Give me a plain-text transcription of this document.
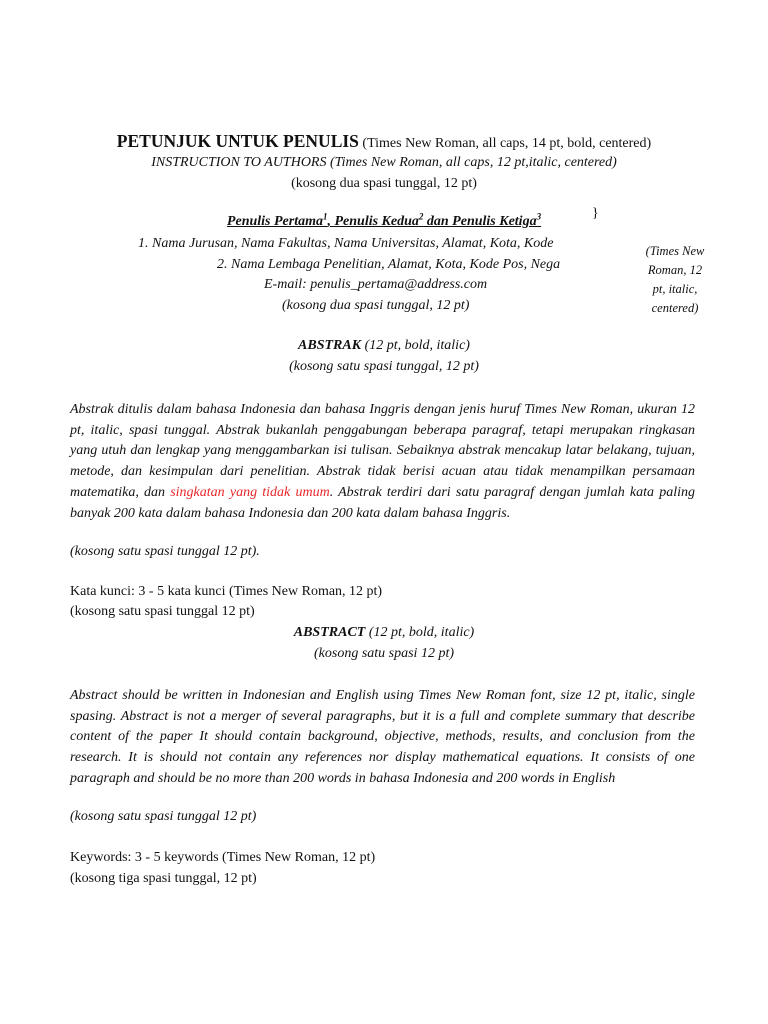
PETUNJUK UNTUK PENULIS (Times New Roman, all caps, 14 pt, bold, centered)
INSTRUCTION TO AUTHORS (Times New Roman, all caps, 12 pt,italic, centered)
(kosong dua spasi tunggal, 12 pt)
Penulis Pertama$^1$, Penulis Kedua$^2$ dan Penulis Ketiga$^3$	}
1. Nama Jurusan, Nama Fakultas, Nama Universitas, Alamat, Kota, Kode
2. Nama Lembaga Penelitian, Alamat, Kota, Kode Pos, Nega
E-mail: penulis_pertama@address.com
(kosong dua spasi tunggal, 12 pt)
(Times New
Roman, 12
pt, italic,
centered)
ABSTRAK (12 pt, bold, italic)
(kosong satu spasi tunggal, 12 pt)
Abstrak ditulis dalam bahasa Indonesia dan bahasa Inggris dengan jenis huruf Times New Roman, ukuran 12 pt, italic, spasi tunggal. Abstrak bukanlah penggabungan beberapa paragraf, tetapi merupakan ringkasan yang utuh dan lengkap yang menggambarkan isi tulisan. Sebaiknya abstrak mencakup latar belakang, tujuan, metode, dan kesimpulan dari penelitian. Abstrak tidak berisi acuan atau tidak menampilkan persamaan matematika, dan singkatan yang tidak umum. Abstrak terdiri dari satu paragraf dengan jumlah kata paling banyak 200 kata dalam bahasa Indonesia dan 200 kata dalam bahasa Inggris.
(kosong satu spasi tunggal 12 pt).
Kata kunci: 3 - 5 kata kunci (Times New Roman, 12 pt)
(kosong satu spasi tunggal 12 pt)
ABSTRACT (12 pt, bold, italic)
(kosong satu spasi 12 pt)
Abstract should be written in Indonesian and English using Times New Roman font, size 12 pt, italic, single spasing. Abstract is not a merger of several paragraphs, but it is a full and complete summary that describe content of the paper It should contain background, objective, methods, results, and conclusion from the research. It is should not contain any references nor display mathematical equations. It consists of one paragraph and should be no more than 200 words in bahasa Indonesia and 200 words in English
(kosong satu spasi tunggal 12 pt)
Keywords: 3 - 5 keywords (Times New Roman, 12 pt)
(kosong tiga spasi tunggal, 12 pt)
